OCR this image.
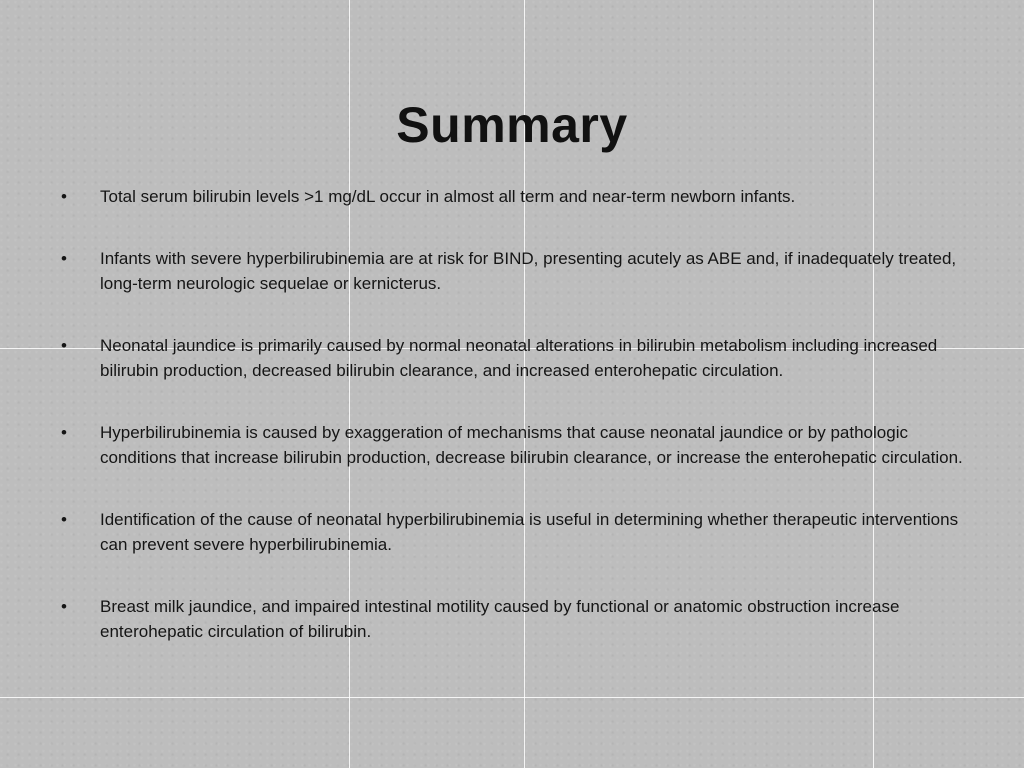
Summary
• Total serum bilirubin levels >1 mg/dL occur in almost all term and near-term newborn infants.
• Infants with severe hyperbilirubinemia are at risk for BIND, presenting acutely as ABE and, if inadequately treated, long-term neurologic sequelae or kernicterus.
• Neonatal jaundice is primarily caused by normal neonatal alterations in bilirubin metabolism including increased bilirubin production, decreased bilirubin clearance, and increased enterohepatic circulation.
• Hyperbilirubinemia is caused by exaggeration of mechanisms that cause neonatal jaundice or by pathologic conditions that increase bilirubin production, decrease bilirubin clearance, or increase the enterohepatic circulation.
• Identification of the cause of neonatal hyperbilirubinemia is useful in determining whether therapeutic interventions can prevent severe hyperbilirubinemia.
• Breast milk jaundice, and impaired intestinal motility caused by functional or anatomic obstruction increase enterohepatic circulation of bilirubin.
